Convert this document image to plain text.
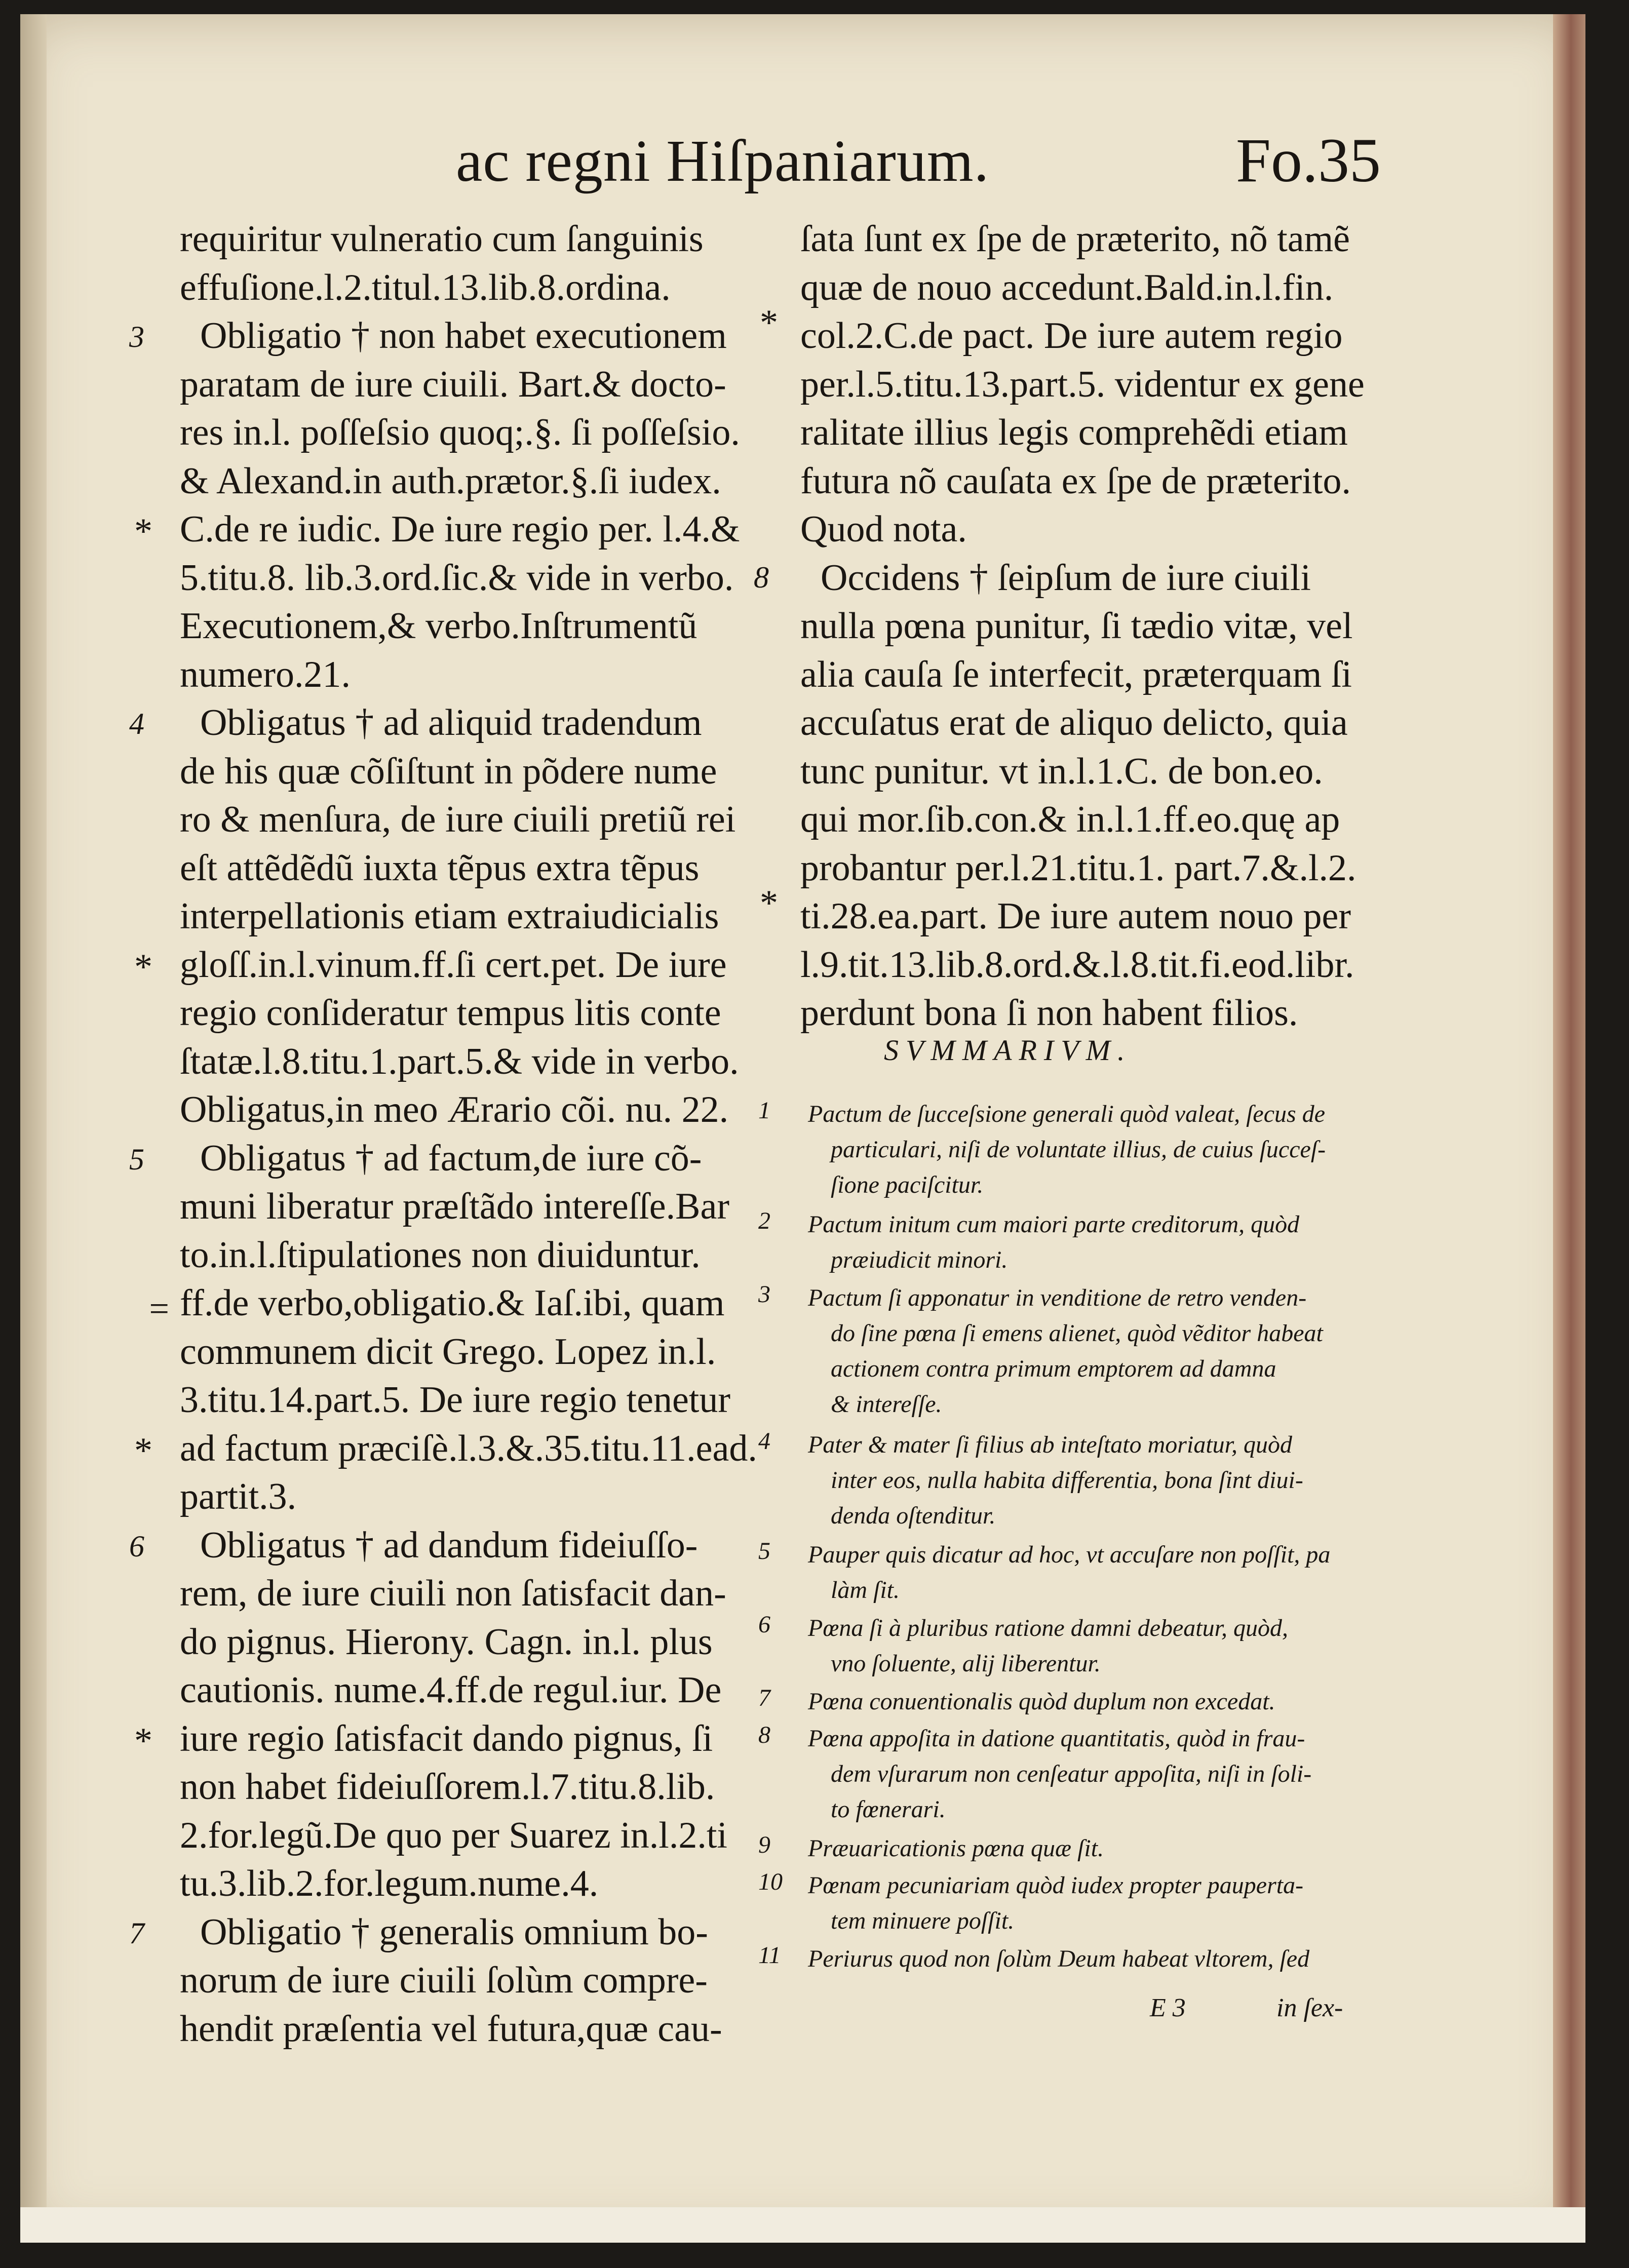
ac regni Hiſpaniarum.	Fo.35
requiritur vulneratio cum ſanguinis
effuſione.l.2.titul.13.lib.8.ordina.
Obligatio † non habet executionem
paratam de iure ciuili. Bart.& docto-
res in.l. poſſeſsio quoq;.§. ſi poſſeſsio.
& Alexand.in auth.prætor.§.ſi iudex.
C.de re iudic. De iure regio per. l.4.&
5.titu.8. lib.3.ord.ſic.& vide in verbo.
Executionem,& verbo.Inſtrumentũ
numero.21.
Obligatus † ad aliquid tradendum
de his quæ cõſiſtunt in põdere nume
ro & menſura, de iure ciuili pretiũ rei
eſt attẽdẽdũ iuxta tẽpus extra tẽpus
interpellationis etiam extraiudicialis
gloſſ.in.l.vinum.ff.ſi cert.pet. De iure
regio conſideratur tempus litis conte
ſtatæ.l.8.titu.1.part.5.& vide in verbo.
Obligatus,in meo Ærario cõi. nu. 22.
Obligatus † ad factum,de iure cõ-
muni liberatur præſtãdo intereſſe.Bar
to.in.l.ſtipulationes non diuiduntur.
ff.de verbo,obligatio.& Iaſ.ibi, quam
communem dicit Grego. Lopez in.l.
3.titu.14.part.5. De iure regio tenetur
ad factum præciſè.l.3.&.35.titu.11.ead.
partit.3.
Obligatus † ad dandum fideiuſſo-
rem, de iure ciuili non ſatisfacit dan-
do pignus. Hierony. Cagn. in.l. plus
cautionis. nume.4.ff.de regul.iur. De
iure regio ſatisfacit dando pignus, ſi
non habet fideiuſſorem.l.7.titu.8.lib.
2.for.legũ.De quo per Suarez in.l.2.ti
tu.3.lib.2.for.legum.nume.4.
Obligatio † generalis omnium bo-
norum de iure ciuili ſolùm compre-
hendit præſentia vel futura,quæ cau-
ſata ſunt ex ſpe de præterito, nõ tamẽ
quæ de nouo accedunt.Bald.in.l.fin.
col.2.C.de pact. De iure autem regio
per.l.5.titu.13.part.5. videntur ex gene
ralitate illius legis comprehẽdi etiam
futura nõ cauſata ex ſpe de præterito.
Quod nota.
Occidens † ſeipſum de iure ciuili
nulla pœna punitur, ſi tædio vitæ, vel
alia cauſa ſe interfecit, præterquam ſi
accuſatus erat de aliquo delicto, quia
tunc punitur. vt in.l.1.C. de bon.eo.
qui mor.ſib.con.& in.l.1.ff.eo.quę ap
probantur per.l.21.titu.1. part.7.&.l.2.
ti.28.ea.part. De iure autem nouo per
l.9.tit.13.lib.8.ord.&.l.8.tit.fi.eod.libr.
perdunt bona ſi non habent filios.
3
4
5
6
7
*
*
*
*
*
*
8
=
SVMMARIVM.
1 Pactum de ſucceſsione generali quòd valeat, ſecus de
particulari, niſi de voluntate illius, de cuius ſucceſ-
ſione paciſcitur.
2 Pactum initum cum maiori parte creditorum, quòd
præiudicit minori.
3 Pactum ſi apponatur in venditione de retro venden-
do ſine pœna ſi emens alienet, quòd vẽditor habeat
actionem contra primum emptorem ad damna
& intereſſe.
4 Pater & mater ſi filius ab inteſtato moriatur, quòd
inter eos, nulla habita differentia, bona ſint diui-
denda oſtenditur.
5 Pauper quis dicatur ad hoc, vt accuſare non poſſit, pa
làm ſit.
6 Pœna ſi à pluribus ratione damni debeatur, quòd,
vno ſoluente, alij liberentur.
7 Pœna conuentionalis quòd duplum non excedat.
8 Pœna appoſita in datione quantitatis, quòd in frau-
dem vſurarum non cenſeatur appoſita, niſi in ſoli-
to fœnerari.
9 Præuaricationis pœna quæ ſit.
10 Pœnam pecuniariam quòd iudex propter pauperta-
tem minuere poſſit.
11 Periurus quod non ſolùm Deum habeat vltorem, ſed
E 3	in ſex-
